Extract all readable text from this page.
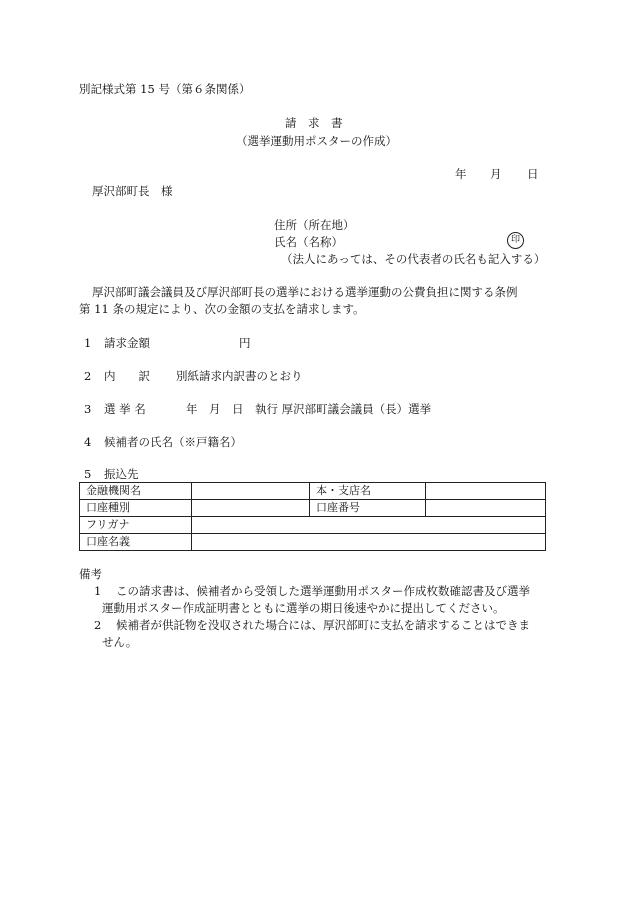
別記様式第 15 号（第６条関係）
請 求 書
（選挙運動用ポスターの作成）
年 月 日
厚沢部町長　様
住所（所在地）
氏名（名称）	印
（法人にあっては、その代表者の氏名も記入する）
厚沢部町議会議員及び厚沢部町長の選挙における選挙運動の公費負担に関する条例
第 11 条の規定により、次の金額の支払を請求します。
1 請求金額	円
2 内　　訳 別紙請求内訳書のとおり
3 選 挙 名	年　月　日　執行 厚沢部町議会議員（長）選挙
4 候補者の氏名（※戸籍名）
5 振込先
金融機関名		本・支店名	
口座種別		口座番号	
フリガナ			
口座名義			
備考
1 この請求書は、候補者から受領した選挙運動用ポスター作成枚数確認書及び選挙
運動用ポスター作成証明書とともに選挙の期日後速やかに提出してください。
2 候補者が供託物を没収された場合には、厚沢部町に支払を請求することはできま
せん。
